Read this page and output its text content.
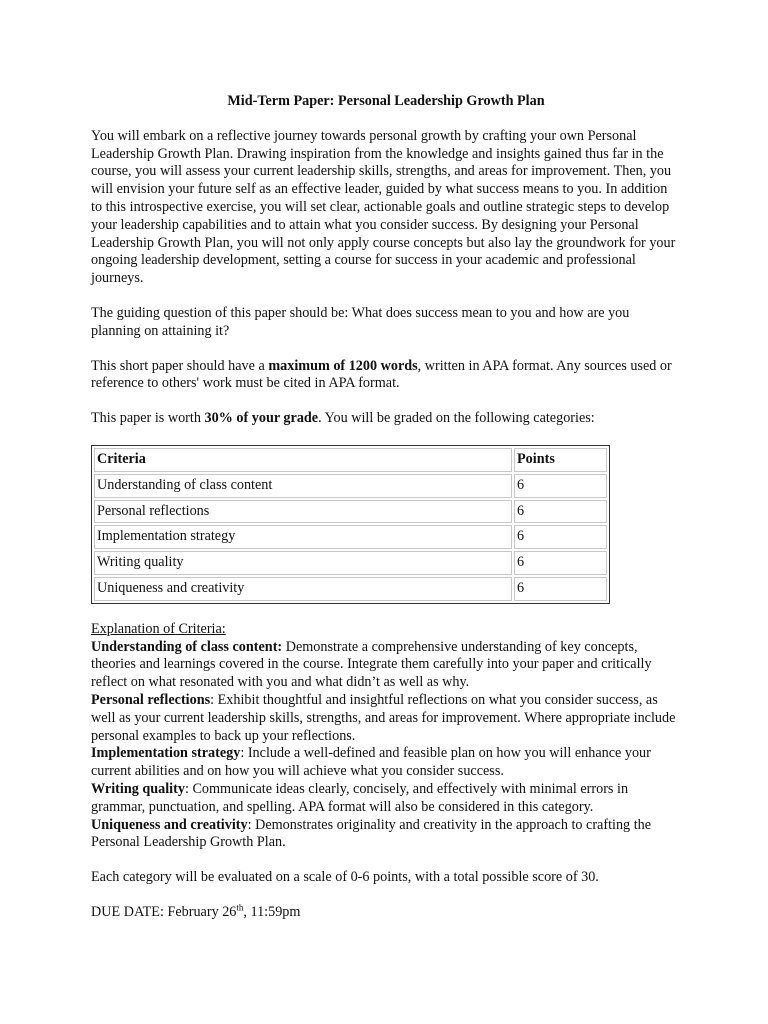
Mid-Term Paper: Personal Leadership Growth Plan

You will embark on a reflective journey towards personal growth by crafting your own Personal Leadership Growth Plan. Drawing inspiration from the knowledge and insights gained thus far in the course, you will assess your current leadership skills, strengths, and areas for improvement. Then, you will envision your future self as an effective leader, guided by what success means to you. In addition to this introspective exercise, you will set clear, actionable goals and outline strategic steps to develop your leadership capabilities and to attain what you consider success. By designing your Personal Leadership Growth Plan, you will not only apply course concepts but also lay the groundwork for your ongoing leadership development, setting a course for success in your academic and professional journeys.

The guiding question of this paper should be: What does success mean to you and how are you planning on attaining it?

This short paper should have a maximum of 1200 words, written in APA format. Any sources used or reference to others' work must be cited in APA format.

This paper is worth 30% of your grade. You will be graded on the following categories:

Criteria	Points
Understanding of class content	6
Personal reflections	6
Implementation strategy	6
Writing quality	6
Uniqueness and creativity	6

Explanation of Criteria:

Understanding of class content: Demonstrate a comprehensive understanding of key concepts, theories and learnings covered in the course. Integrate them carefully into your paper and critically reflect on what resonated with you and what didn’t as well as why.

Personal reflections: Exhibit thoughtful and insightful reflections on what you consider success, as well as your current leadership skills, strengths, and areas for improvement. Where appropriate include personal examples to back up your reflections.

Implementation strategy: Include a well-defined and feasible plan on how you will enhance your current abilities and on how you will achieve what you consider success.

Writing quality: Communicate ideas clearly, concisely, and effectively with minimal errors in grammar, punctuation, and spelling. APA format will also be considered in this category.

Uniqueness and creativity: Demonstrates originality and creativity in the approach to crafting the Personal Leadership Growth Plan.

Each category will be evaluated on a scale of 0-6 points, with a total possible score of 30.

DUE DATE: February 26th, 11:59pm
